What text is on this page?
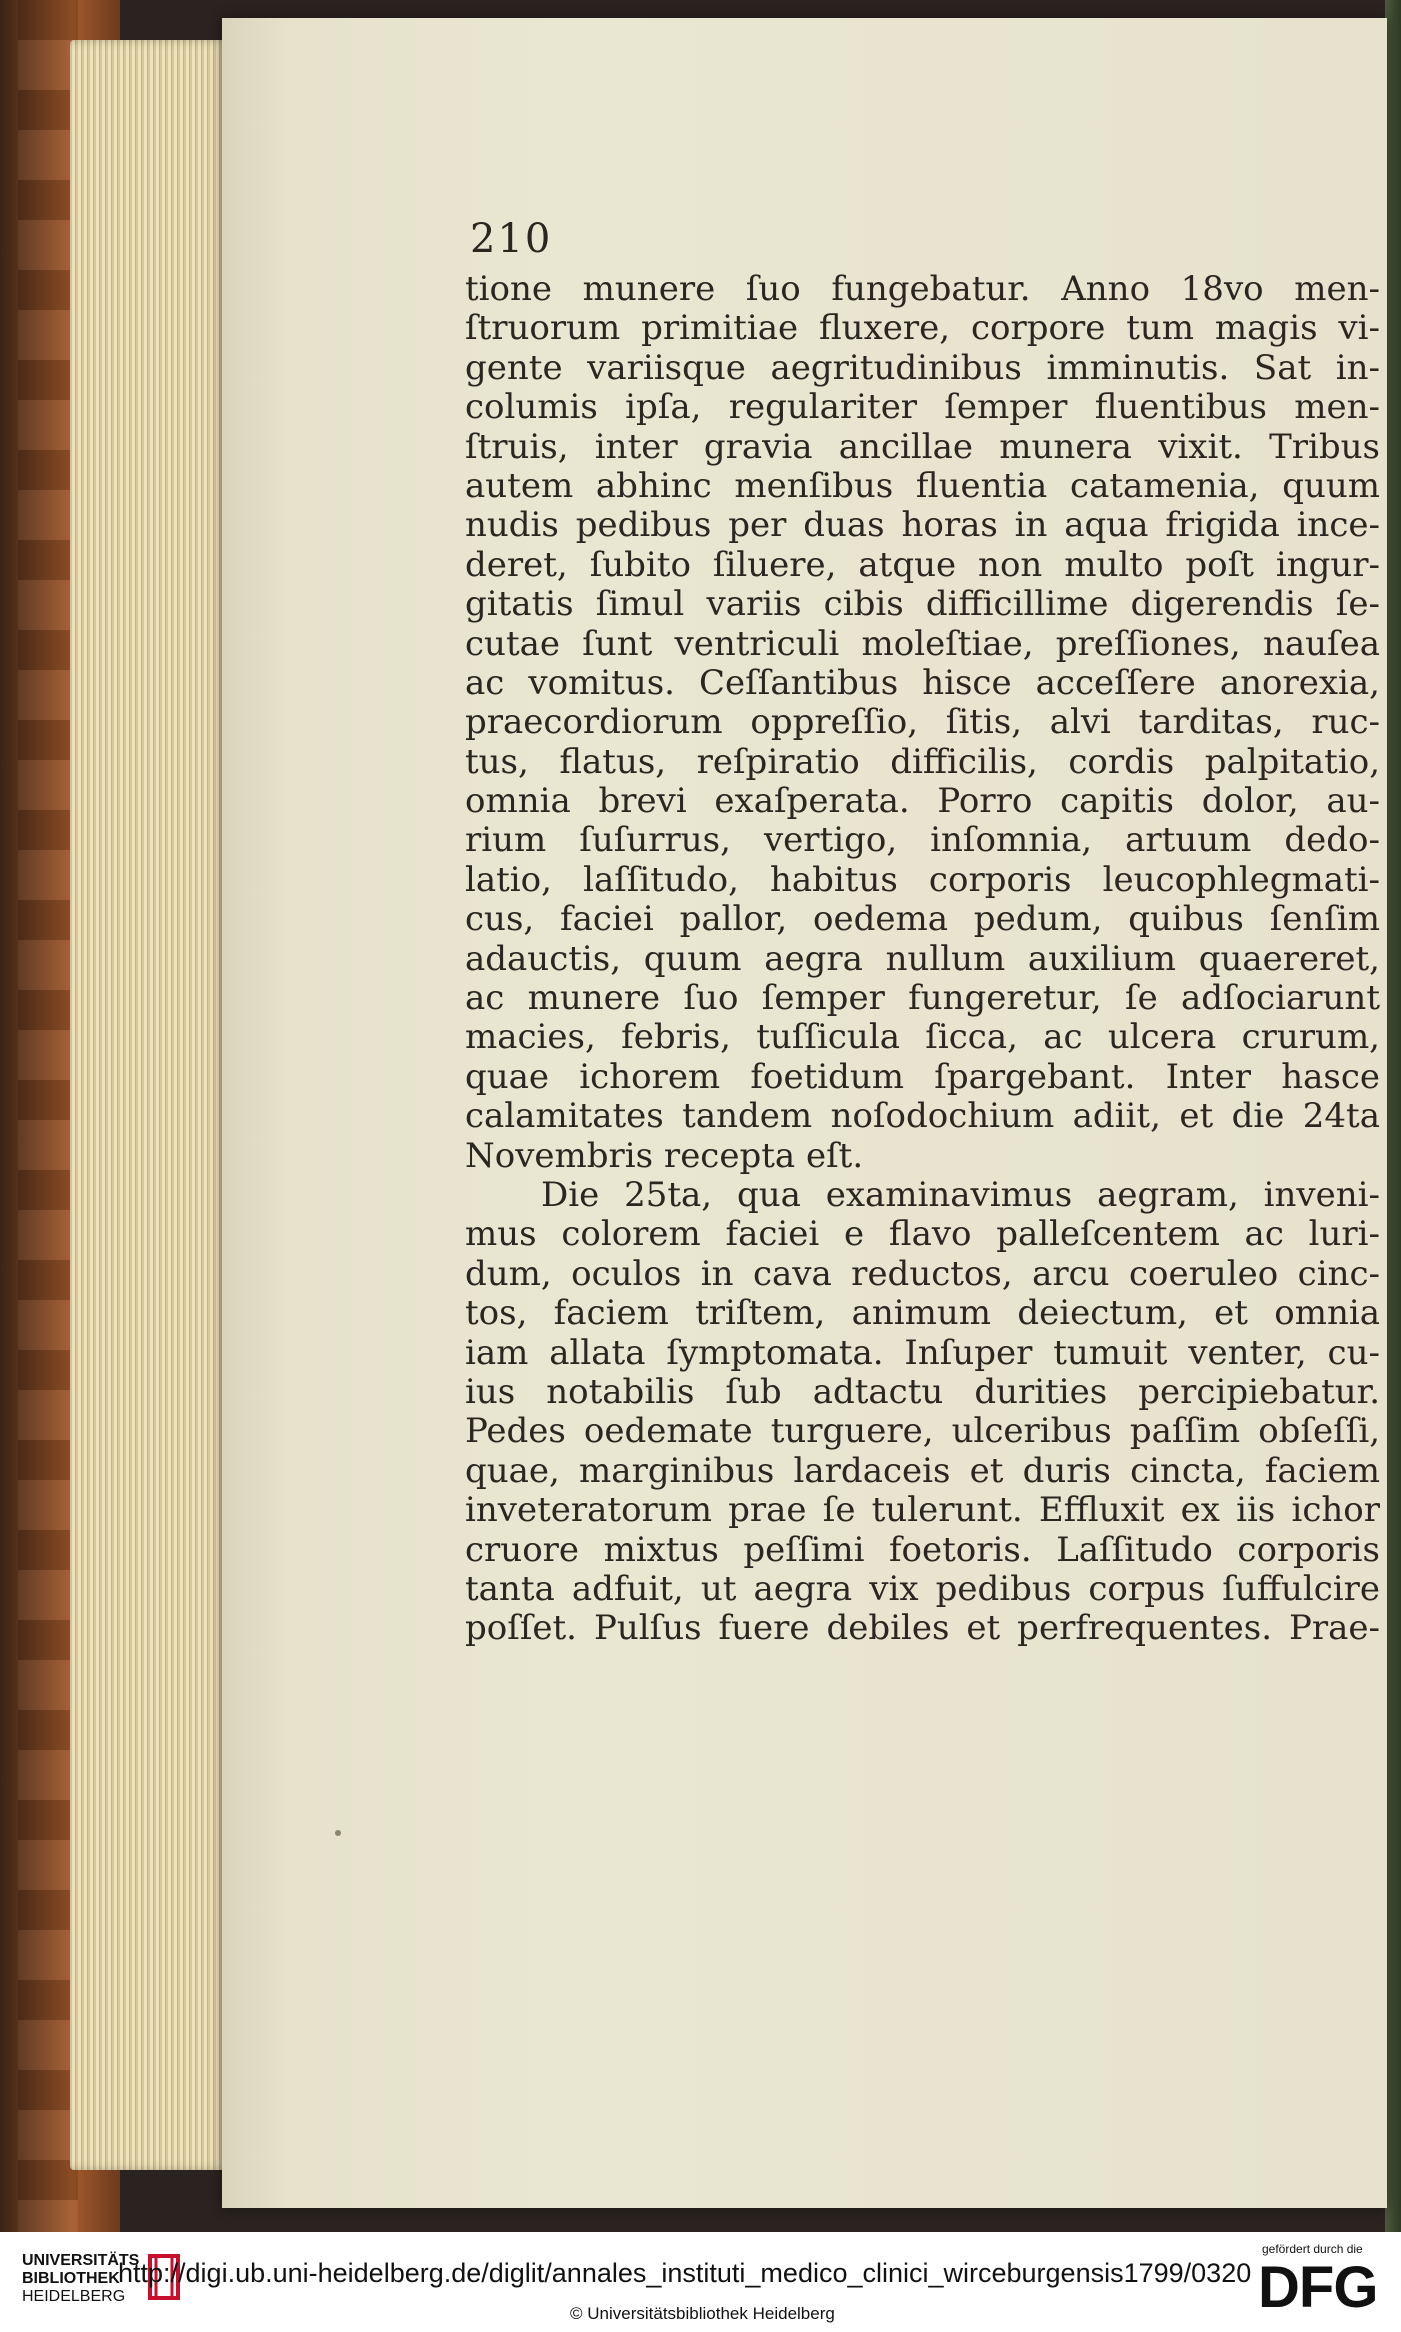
210
tione munere ſuo fungebatur. Anno 18vo men-
ſtruorum primitiae fluxere, corpore tum magis vi-
gente variisque aegritudinibus imminutis. Sat in-
columis ipſa, regulariter ſemper fluentibus men-
ſtruis, inter gravia ancillae munera vixit. Tribus
autem abhinc menſibus fluentia catamenia, quum
nudis pedibus per duas horas in aqua frigida ince-
deret, ſubito ſiluere, atque non multo poſt ingur-
gitatis ſimul variis cibis difficillime digerendis ſe-
cutae ſunt ventriculi moleſtiae, preſſiones, nauſea
ac vomitus. Ceſſantibus hisce acceſſere anorexia,
praecordiorum oppreſſio, ſitis, alvi tarditas, ruc-
tus, flatus, reſpiratio difficilis, cordis palpitatio,
omnia brevi exaſperata. Porro capitis dolor, au-
rium ſuſurrus, vertigo, inſomnia, artuum dedo-
latio, laſſitudo, habitus corporis leucophlegmati-
cus, faciei pallor, oedema pedum, quibus ſenſim
adauctis, quum aegra nullum auxilium quaereret,
ac munere ſuo ſemper fungeretur, ſe adſociarunt
macies, febris, tuſſicula ſicca, ac ulcera crurum,
quae ichorem foetidum ſpargebant. Inter hasce
calamitates tandem noſodochium adiit, et die 24ta
Novembris recepta eſt.
Die 25ta, qua examinavimus aegram, inveni-
mus colorem faciei e flavo palleſcentem ac luri-
dum, oculos in cava reductos, arcu coeruleo cinc-
tos, faciem triſtem, animum deiectum, et omnia
iam allata ſymptomata. Inſuper tumuit venter, cu-
ius notabilis ſub adtactu durities percipiebatur.
Pedes oedemate turguere, ulceribus paſſim obſeſſi,
quae, marginibus lardaceis et duris cincta, faciem
inveteratorum prae ſe tulerunt. Effluxit ex iis ichor
cruore mixtus peſſimi foetoris. Laſſitudo corporis
tanta adfuit, ut aegra vix pedibus corpus ſuffulcire
poſſet. Pulſus fuere debiles et perfrequentes. Prae-
UNIVERSITÄTS
BIBLIOTHEK
HEIDELBERG
http://digi.ub.uni-heidelberg.de/diglit/annales_instituti_medico_clinici_wirceburgensis1799/0320
© Universitätsbibliothek Heidelberg
gefördert durch die
DFG
